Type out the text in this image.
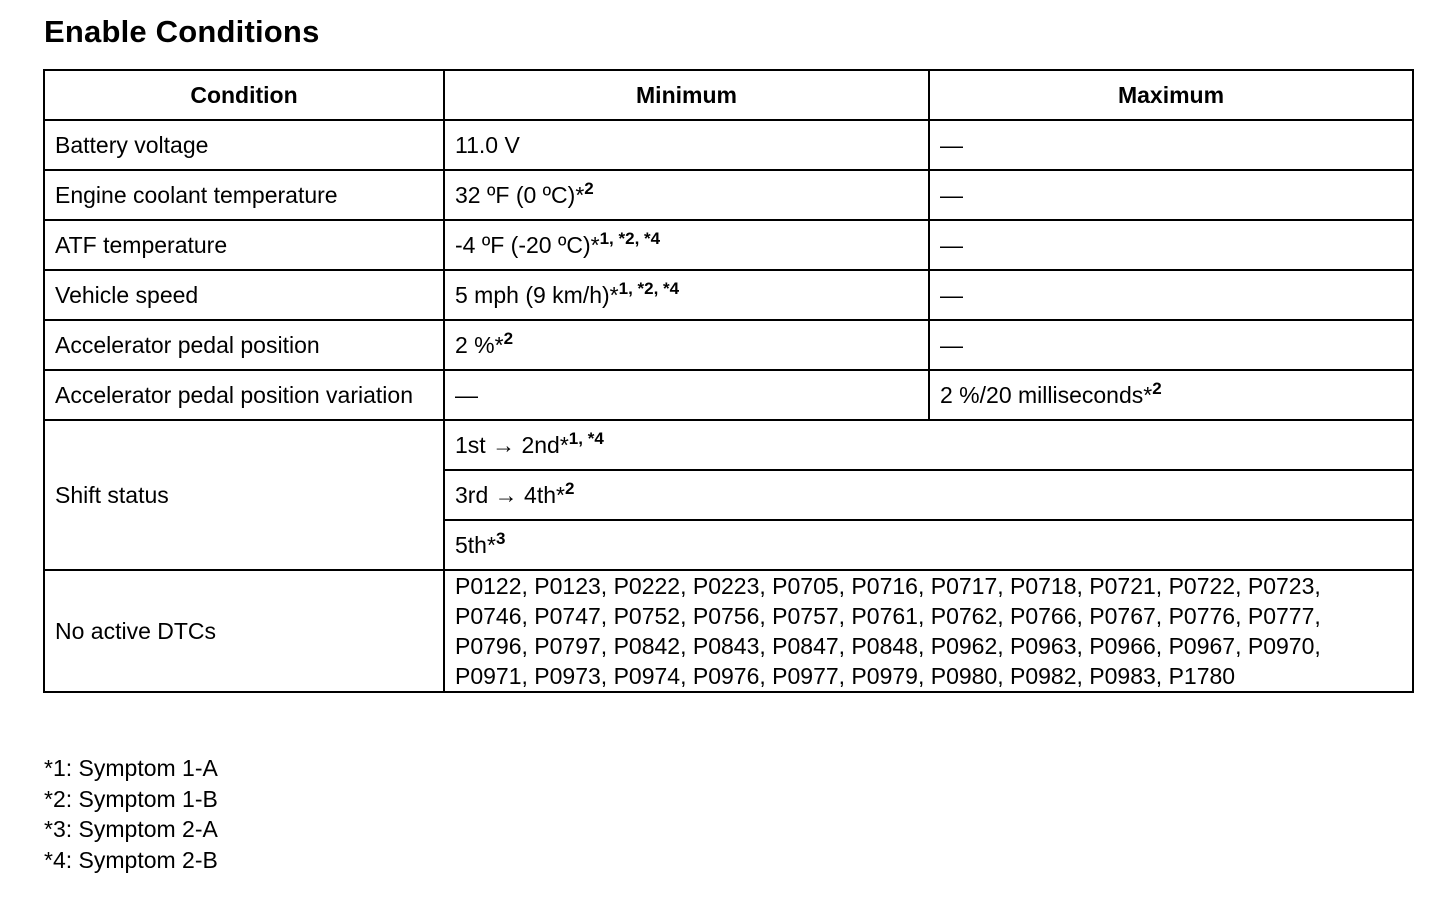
Enable Conditions
Condition	Minimum	Maximum
Battery voltage	11.0 V	—
Engine coolant temperature	32 ºF (0 ºC)*$^2$	—
ATF temperature	-4 ºF (-20 ºC)*$^{1, *2, *4}$	—
Vehicle speed	5 mph (9 km/h)*$^{1, *2, *4}$	—
Accelerator pedal position	2 %*$^2$	—
Accelerator pedal position variation	—	2 %/20 milliseconds*$^2$
Shift status	1st → 2nd*$^{1, *4}$
	3rd → 4th*$^2$
	5th*$^3$
No active DTCs	P0122, P0123, P0222, P0223, P0705, P0716, P0717, P0718, P0721, P0722, P0723,
P0746, P0747, P0752, P0756, P0757, P0761, P0762, P0766, P0767, P0776, P0777,
P0796, P0797, P0842, P0843, P0847, P0848, P0962, P0963, P0966, P0967, P0970,
P0971, P0973, P0974, P0976, P0977, P0979, P0980, P0982, P0983, P1780	
*1: Symptom 1-A
*2: Symptom 1-B
*3: Symptom 2-A
*4: Symptom 2-B
